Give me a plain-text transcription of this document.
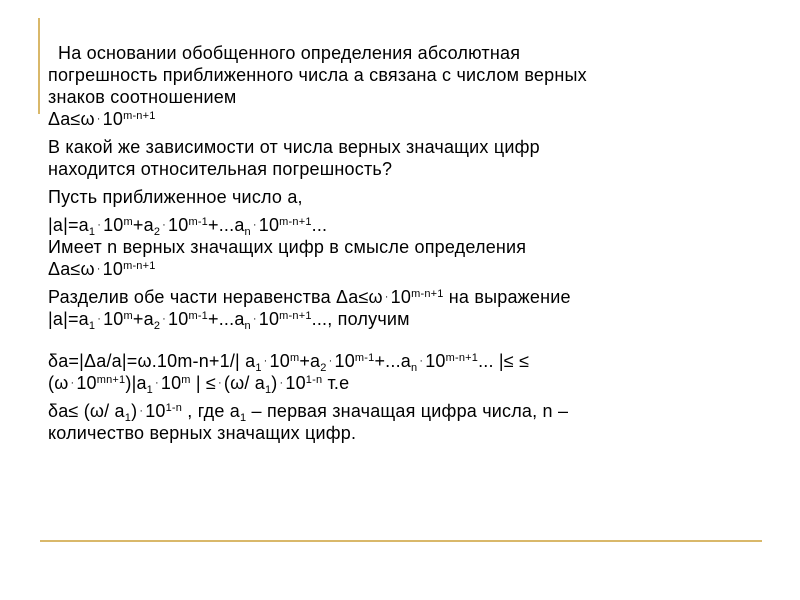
На основании обобщенного определения абсолютная
погрешность приближенного числа а связана с числом верных
знаков соотношением
$\Delta a\le\omega \cdot 10^{m-n+1}$
В какой же зависимости от числа верных значащих цифр
находится относительная погрешность?
Пусть приближенное число a,
$|a|=a_1\cdot 10^m+a_2\cdot 10^{m-1}+...a_n\cdot 10^{m-n+1}$...
Имеет n верных значащих цифр в смысле определения
$\Delta a\le\omega \cdot 10^{m-n+1}$
Разделив обе части неравенства $\Delta a\le\omega \cdot 10^{m-n+1}$ на выражение
$|a|=a_1\cdot 10^m+a_2\cdot 10^{m-1}+...a_n\cdot 10^{m-n+1}$..., получим
δa=|Δa/a|=ω.10m-n+1/| $a_1\cdot 10^m+a_2\cdot 10^{m-1}+...a_n\cdot 10^{m-n+1}$... |≤ ≤
$(\omega \cdot 10^{mn+1})|a_1\cdot 10^m$ | ≤ · (ω/ $a_1) \cdot 10^{1-n}$ т.е
δa≤ (ω/ $a_1) \cdot 10^{1-n}$ , где $a_1$ – первая значащая цифра числа, n –
количество верных значащих цифр.
